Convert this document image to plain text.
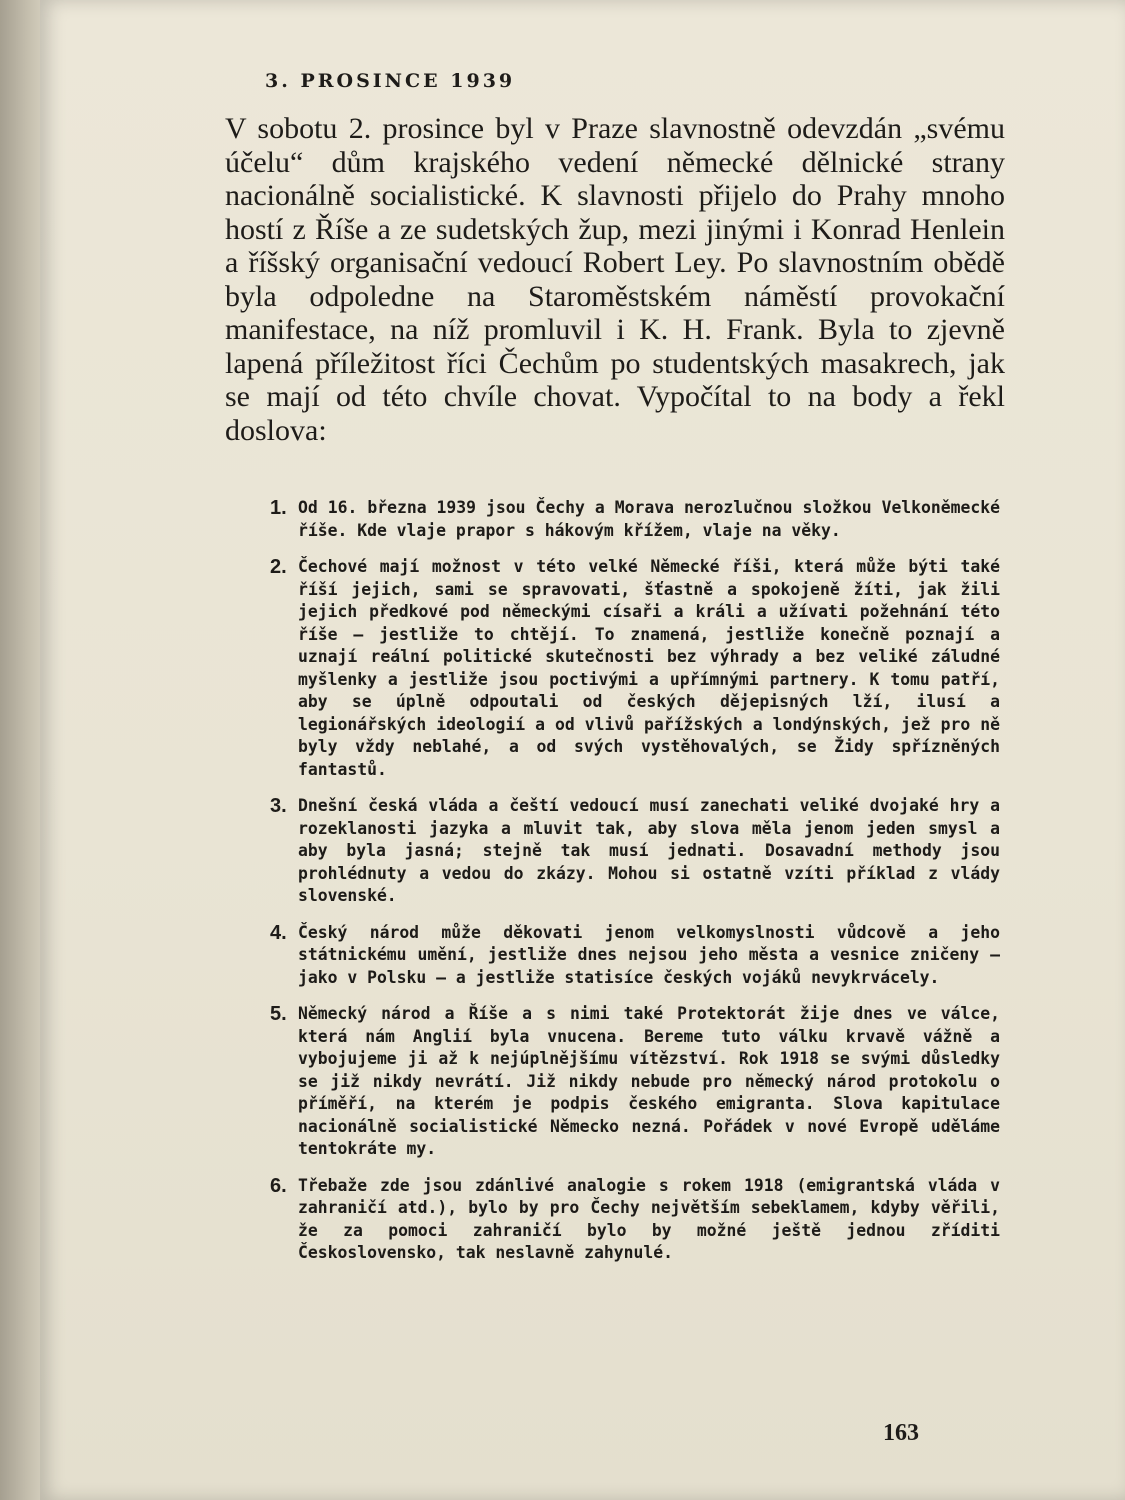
3. PROSINCE 1939

V sobotu 2. prosince byl v Praze slavnostně odevzdán „svému účelu“ dům krajského vedení německé dělnické strany nacionálně socialistické. K slavnosti přijelo do Prahy mnoho hostí z Říše a ze sudetských žup, mezi jinými i Konrad Henlein a říšský organisační vedoucí Robert Ley. Po slavnostním obědě byla odpoledne na Staroměstském náměstí provokační manifestace, na níž promluvil i K. H. Frank. Byla to zjevně lapená příležitost říci Čechům po studentských masakrech, jak se mají od této chvíle chovat. Vypočítal to na body a řekl doslova:

1. Od 16. března 1939 jsou Čechy a Morava nerozlučnou složkou Velkoněmecké říše. Kde vlaje prapor s hákovým křížem, vlaje na věky.
2. Čechové mají možnost v této velké Německé říši, která může býti také říší jejich, sami se spravovati, šťastně a spokojeně žíti, jak žili jejich předkové pod německými císaři a králi a užívati požehnání této říše — jestliže to chtějí. To znamená, jestliže konečně poznají a uznají reální politické skutečnosti bez výhrady a bez veliké záludné myšlenky a jestliže jsou poctivými a upřímnými partnery. K tomu patří, aby se úplně odpoutali od českých dějepisných lží, ilusí a legionářských ideologií a od vlivů pařížských a londýnských, jež pro ně byly vždy neblahé, a od svých vystěhovalých, se Židy spřízněných fantastů.
3. Dnešní česká vláda a čeští vedoucí musí zanechati veliké dvojaké hry a rozeklanosti jazyka a mluvit tak, aby slova měla jenom jeden smysl a aby byla jasná; stejně tak musí jednati. Dosavadní methody jsou prohlédnuty a vedou do zkázy. Mohou si ostatně vzíti příklad z vlády slovenské.
4. Český národ může děkovati jenom velkomyslnosti vůdcově a jeho státnickému umění, jestliže dnes nejsou jeho města a vesnice zničeny — jako v Polsku — a jestliže statisíce českých vojáků nevykrvácely.
5. Německý národ a Říše a s nimi také Protektorát žije dnes ve válce, která nám Anglií byla vnucena. Bereme tuto válku krvavě vážně a vybojujeme ji až k nejúplnějšímu vítězství. Rok 1918 se svými důsledky se již nikdy nevrátí. Již nikdy nebude pro německý národ protokolu o příměří, na kterém je podpis českého emigranta. Slova kapitulace nacionálně socialistické Německo nezná. Pořádek v nové Evropě uděláme tentokráte my.
6. Třebaže zde jsou zdánlivé analogie s rokem 1918 (emigrantská vláda v zahraničí atd.), bylo by pro Čechy největším sebeklamem, kdyby věřili, že za pomoci zahraničí bylo by možné ještě jednou zříditi Československo, tak neslavně zahynulé.
163
